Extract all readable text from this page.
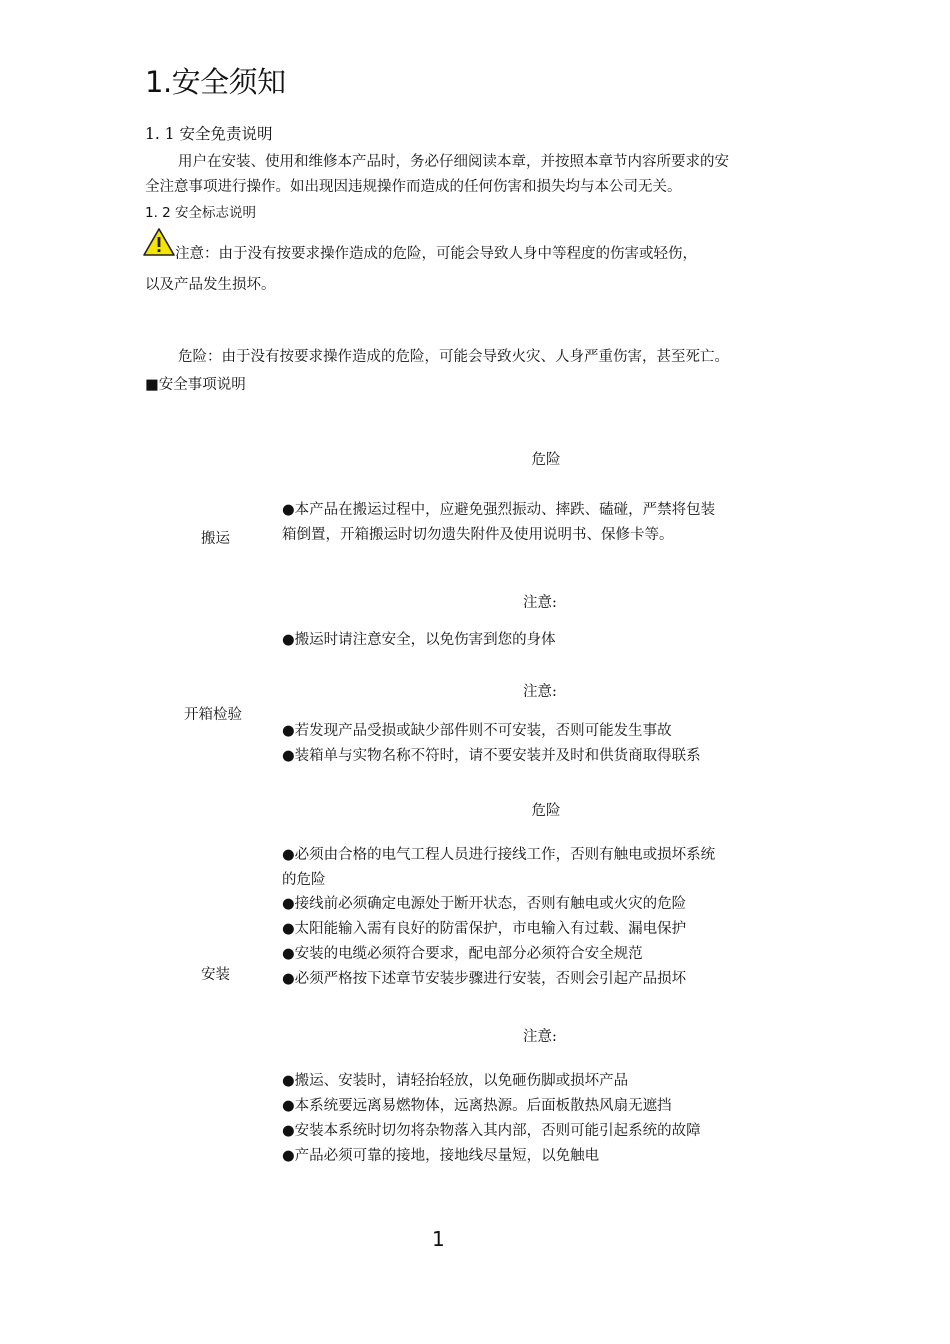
1.安全须知
1. 1 安全免责说明
用户在安装、使用和维修本产品时，务必仔细阅读本章，并按照本章节内容所要求的安
全注意事项进行操作。如出现因违规操作而造成的任何伤害和损失均与本公司无关。
1. 2 安全标志说明
注意：由于没有按要求操作造成的危险，可能会导致人身中等程度的伤害或轻伤，
以及产品发生损坏。
危险：由于没有按要求操作造成的危险，可能会导致火灾、人身严重伤害，甚至死亡。
■安全事项说明
危险
搬运
●本产品在搬运过程中，应避免强烈振动、摔跌、磕碰，严禁将包装
箱倒置，开箱搬运时切勿遗失附件及使用说明书、保修卡等。
注意:
●搬运时请注意安全，以免伤害到您的身体
注意:
开箱检验
●若发现产品受损或缺少部件则不可安装，否则可能发生事故
●装箱单与实物名称不符时，请不要安装并及时和供货商取得联系
危险
●必须由合格的电气工程人员进行接线工作，否则有触电或损坏系统
的危险
●接线前必须确定电源处于断开状态，否则有触电或火灾的危险
●太阳能输入需有良好的防雷保护，市电输入有过载、漏电保护
●安装的电缆必须符合要求，配电部分必须符合安全规范
安装	●必须严格按下述章节安装步骤进行安装，否则会引起产品损坏
注意:
●搬运、安装时，请轻抬轻放，以免砸伤脚或损坏产品
●本系统要远离易燃物体，远离热源。后面板散热风扇无遮挡
●安装本系统时切勿将杂物落入其内部，否则可能引起系统的故障
●产品必须可靠的接地，接地线尽量短，以免触电
1
